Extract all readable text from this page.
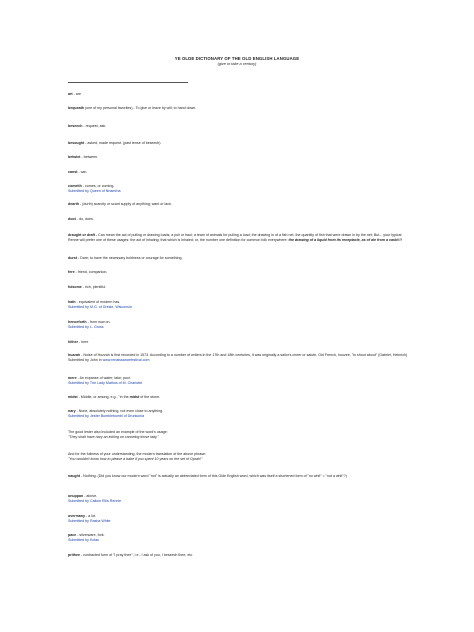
YE OLDE DICTIONARY OF THE OLD ENGLISH LANGUAGE
(give or take a century)
art - are
bequeath (one of my personal favorites) - To give or leave by will; to hand down.
beseech - request, ask.
besought - asked, made request. (past tense of beseech).
betwixt - between.
canst - can.
comeith - comes, or coming.
Submitted by Queen of Nnamrha
dearth - (durth) scarcity or scant supply of anything; want or lack.
doot - do, does.
draught or draft - Can mean the act of pulling or drawing loads; a pull or haul; a team of animals for pulling a load; the drawing in of a fish net, the quantity of fish that were drawn in by the net; But... your typical Renne will prefer one of these usages: the act of inhaling; that which is inhaled; or, the number one definition for common folk everywhere: the drawing of a liquid from its receptacle, as of ale from a cask!!!!
durst - Dare; to have the necessary boldness or courage for something.
fere - friend, companion.
fulsome - rich, plentiful.
hath - equivalent of modern has.
Submitted by M.G. of Gresle, Wisconsin
henceforth - from now on.
Submitted by L. Gross
hither - here
huzzah - Noise of Huzzah is first recorded in 1573. According to a number of writers in the 17th and 18th centuries, it was originally a sailor's cheer or salute. Old French, houzee, "to shout about" (Gabriel, Heinrich) Submitted by John in www.renaissancefestival.com
mere - An expanse of water; lake; pool.
Submitted by The Lady Mathus of M. Charlotte
midst - Middle, or among, e.g., "in the midst of the storm.
nary - None, absolutely nothing, not even close to anything.
Submitted by Jester Bumblebumbl of Drunkonia
The good lester also included an example of the word's usage:
"They shalt have nary an inkling on canoeing those lady."
And for the fullness of your understanding, the modern translation of the above phrase:
"You wouldn't know how to please a babe if you spent 10 years on the set of Oprah!"
naught - Nothing. (Did you know our modern word "not" is actually an abbreviated form of this Olde English word, which was itself a shortened form of "no whit" = "not a whit"?)
onuppan - above.
Submitted by Callum Ellis Rennie
overmany - a lot.
Submitted by Rasha White
pace - silverware, fork.
Submitted by Kcfas
prithee - contracted form of "I pray thee", i.e., I ask of you, I beseech thee, etc.
